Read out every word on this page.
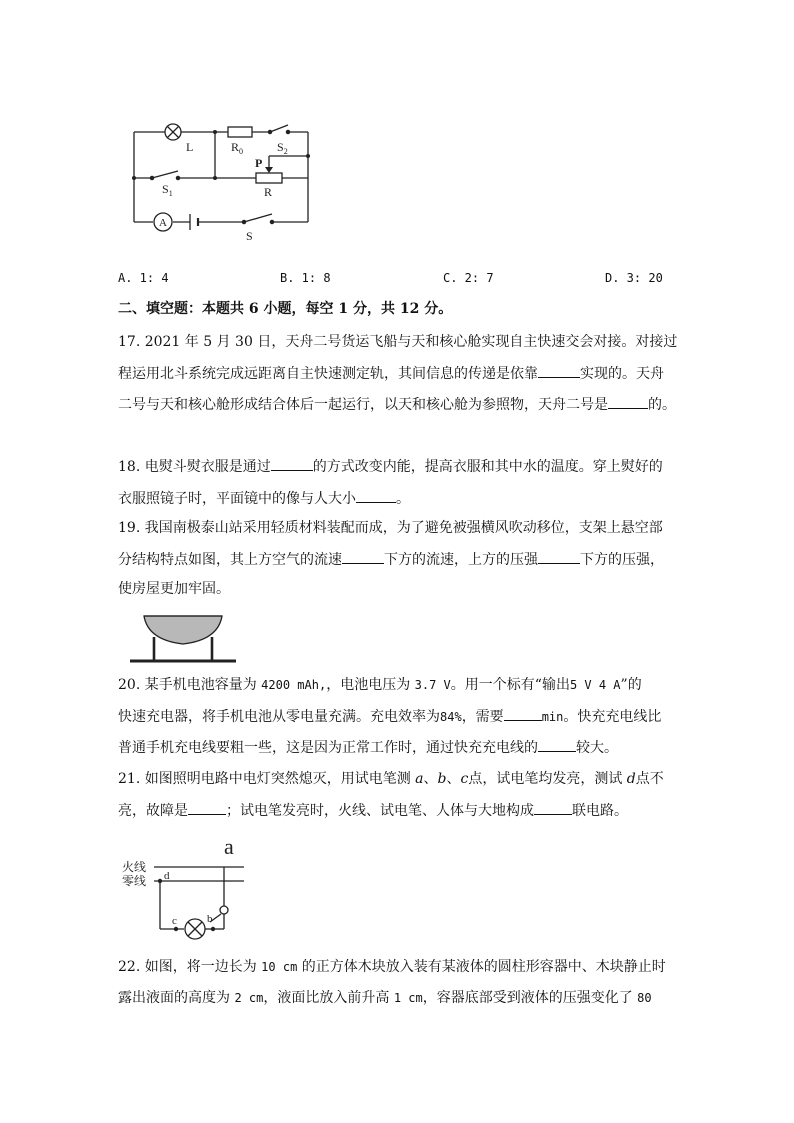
A
L	$R_0$	$S_2$
P
$S_1$	R
S
A. 1: 4	B. 1: 8	C. 2: 7	D. 3: 20
二、填空题：本题共 6 小题，每空 1 分，共 12 分。
17. 2021 年 5 月 30 日，天舟二号货运飞船与天和核心舱实现自主快速交会对接。对接过
程运用北斗系统完成远距离自主快速测定轨，其间信息的传递是依靠	实现的。天舟
二号与天和核心舱形成结合体后一起运行，以天和核心舱为参照物，天舟二号是	的。
18. 电熨斗熨衣服是通过	的方式改变内能，提高衣服和其中水的温度。穿上熨好的
衣服照镜子时，平面镜中的像与人大小	。
19. 我国南极泰山站采用轻质材料装配而成，为了避免被强横风吹动移位，支架上悬空部
分结构特点如图，其上方空气的流速	下方的流速，上方的压强	下方的压强，
使房屋更加牢固。
20. 某手机电池容量为 4200 mAh,，电池电压为 3.7 V。用一个标有“输出5 V 4 A”的
快速充电器，将手机电池从零电量充满。充电效率为84%，需要	min。快充充电线比
普通手机充电线要粗一些，这是因为正常工作时，通过快充充电线的	较大。
21. 如图照明电路中电灯突然熄灭，用试电笔测 a、b、c点，试电笔均发亮，测试 d点不
亮，故障是	；试电笔发亮时，火线、试电笔、人体与大地构成	联电路。
a
火线
零线 d
c	b
22. 如图，将一边长为 10 cm 的正方体木块放入装有某液体的圆柱形容器中、木块静止时
露出液面的高度为 2 cm，液面比放入前升高 1 cm，容器底部受到液体的压强变化了 80
